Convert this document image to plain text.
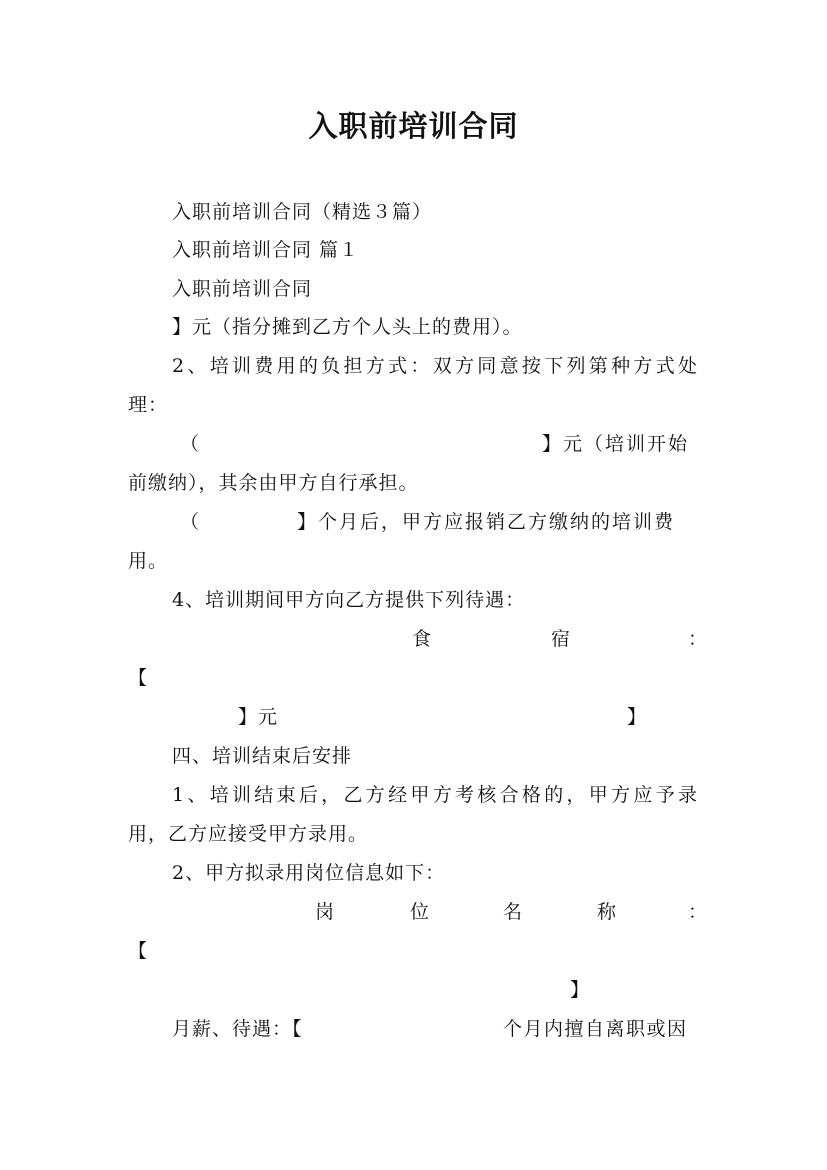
入职前培训合同
入职前培训合同（精选３篇）
入职前培训合同 篇１
入职前培训合同
】元（指分摊到乙方个人头上的费用）。
2、培训费用的负担方式：双方同意按下列第种方式处
理：
（	】元（培训开始
前缴纳），其余由甲方自行承担。
（	】个月后，甲方应报销乙方缴纳的培训费
用。
4、培训期间甲方向乙方提供下列待遇：
食	宿	：
【
】元	】
四、培训结束后安排
1、培训结束后，乙方经甲方考核合格的，甲方应予录
用，乙方应接受甲方录用。
2、甲方拟录用岗位信息如下：
岗	位	名	称	：
【
】
月薪、待遇：【	个月内擅自离职或因
